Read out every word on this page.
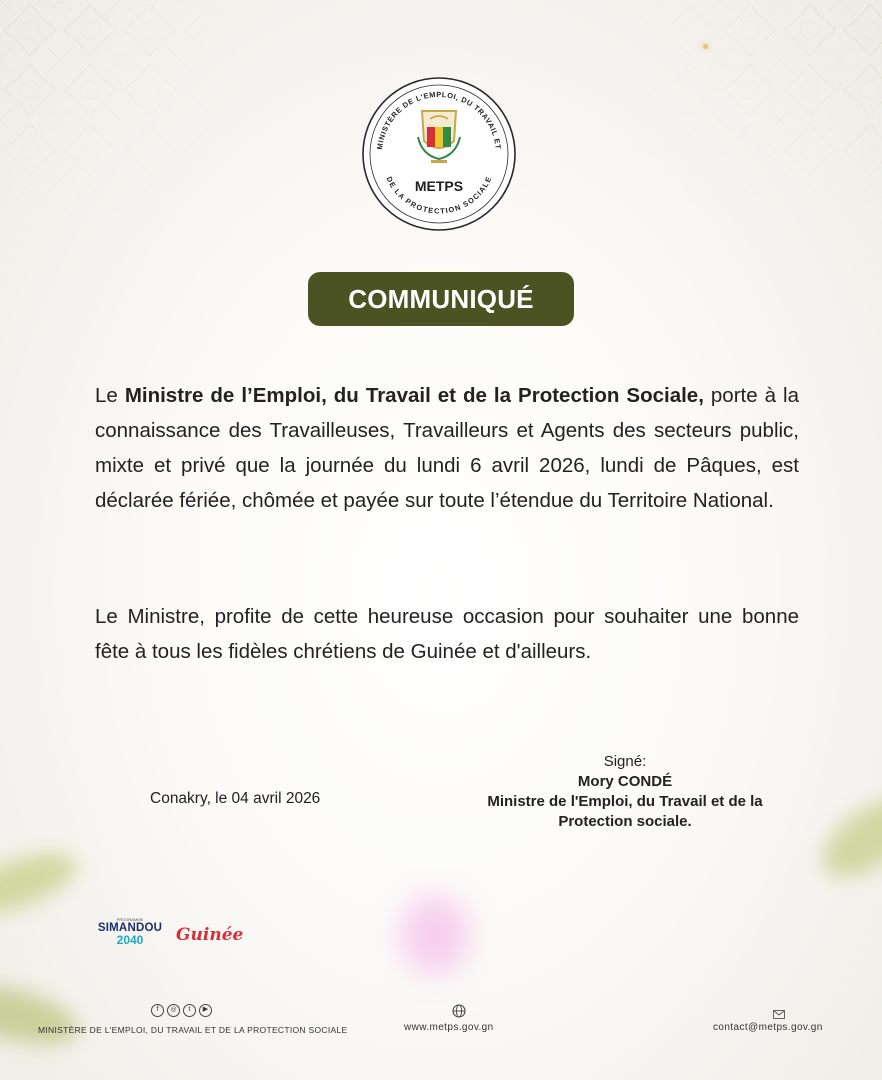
MINISTÈRE DE L'EMPLOI, DU TRAVAIL ET
DE LA PROTECTION SOCIALE
METPS
COMMUNIQUÉ

Le Ministre de l’Emploi, du Travail et de la Protection Sociale, porte à la connaissance des Travailleuses, Travailleurs et Agents des secteurs public, mixte et privé que la journée du lundi 6 avril 2026, lundi de Pâques, est déclarée fériée, chômée et payée sur toute l’étendue du Territoire National.

Le Ministre, profite de cette heureuse occasion pour souhaiter une bonne fête à tous les fidèles chrétiens de Guinée et d'ailleurs.

Conakry, le 04 avril 2026
Signé:
Mory CONDÉ
Ministre de l'Emploi, du Travail et de la
Protection sociale.
PROGRAMME
SIMANDOU
2040	Guinée
f	◎	t	▶
MINISTÈRE DE L'EMPLOI, DU TRAVAIL ET DE LA PROTECTION SOCIALE	www.metps.gov.gn	contact@metps.gov.gn
